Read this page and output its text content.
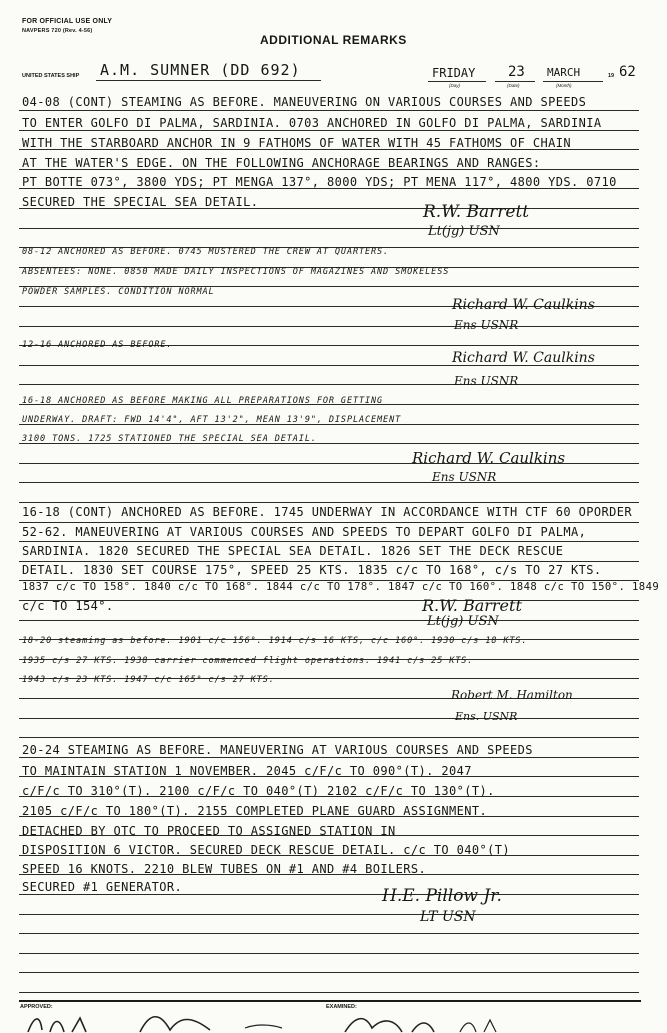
FOR OFFICIAL USE ONLY
NAVPERS 720 (Rev. 4-56)
ADDITIONAL REMARKS
UNITED STATES SHIP A.M. SUMNER (DD 692)	FRIDAY
(Day)
23
(Date)
MARCH
(Month)
19 62
04-08 (CONT) STEAMING AS BEFORE. MANEUVERING ON VARIOUS COURSES AND SPEEDS
TO ENTER GOLFO DI PALMA, SARDINIA. 0703 ANCHORED IN GOLFO DI PALMA, SARDINIA
WITH THE STARBOARD ANCHOR IN 9 FATHOMS OF WATER WITH 45 FATHOMS OF CHAIN
AT THE WATER'S EDGE. ON THE FOLLOWING ANCHORAGE BEARINGS AND RANGES:
PT BOTTE 073°, 3800 YDS; PT MENGA 137°, 8000 YDS; PT MENA 117°, 4800 YDS. 0710
SECURED THE SPECIAL SEA DETAIL.	R.W. Barrett
Lt(jg) USN
08-12 ANCHORED AS BEFORE. 0745 MUSTERED THE CREW AT QUARTERS.
ABSENTEES: NONE. 0850 MADE DAILY INSPECTIONS OF MAGAZINES AND SMOKELESS
POWDER SAMPLES. CONDITION NORMAL
Richard W. Caulkins
Ens USNR
12-16 ANCHORED AS BEFORE.
Richard W. Caulkins
Ens USNR
16-18 ANCHORED AS BEFORE MAKING ALL PREPARATIONS FOR GETTING
UNDERWAY. DRAFT: FWD 14'4", AFT 13'2", MEAN 13'9", DISPLACEMENT
3100 TONS. 1725 STATIONED THE SPECIAL SEA DETAIL.
Richard W. Caulkins
Ens USNR
16-18 (CONT) ANCHORED AS BEFORE. 1745 UNDERWAY IN ACCORDANCE WITH CTF 60 OPORDER
52-62. MANEUVERING AT VARIOUS COURSES AND SPEEDS TO DEPART GOLFO DI PALMA,
SARDINIA. 1820 SECURED THE SPECIAL SEA DETAIL. 1826 SET THE DECK RESCUE
DETAIL. 1830 SET COURSE 175°, SPEED 25 KTS. 1835 c/c TO 168°, c/s TO 27 KTS.
1837 c/c TO 158°. 1840 c/c TO 168°. 1844 c/c TO 178°. 1847 c/c TO 160°. 1848 c/c TO 150°. 1849
c/c TO 154°.	R.W. Barrett
Lt(jg) USN
18-20 steaming as before. 1901 c/c 156°. 1914 c/s 16 KTS, c/c 160°. 1930 c/s 18 KTS.
1935 c/s 27 KTS. 1938 carrier commenced flight operations. 1941 c/s 25 KTS.
1943 c/s 23 KTS. 1947 c/c 165° c/s 27 KTS.
Robert M. Hamilton
Ens. USNR
20-24 STEAMING AS BEFORE. MANEUVERING AT VARIOUS COURSES AND SPEEDS
TO MAINTAIN STATION 1 NOVEMBER. 2045 c/F/c TO 090°(T). 2047
c/F/c TO 310°(T). 2100 c/F/c TO 040°(T) 2102 c/F/c TO 130°(T).
2105 c/F/c TO 180°(T). 2155 COMPLETED PLANE GUARD ASSIGNMENT.
DETACHED BY OTC TO PROCEED TO ASSIGNED STATION IN
DISPOSITION 6 VICTOR. SECURED DECK RESCUE DETAIL. c/c TO 040°(T)
SPEED 16 KNOTS. 2210 BLEW TUBES ON #1 AND #4 BOILERS.
SECURED #1 GENERATOR.	H.E. Pillow Jr.
LT USN
APPROVED:	EXAMINED:
